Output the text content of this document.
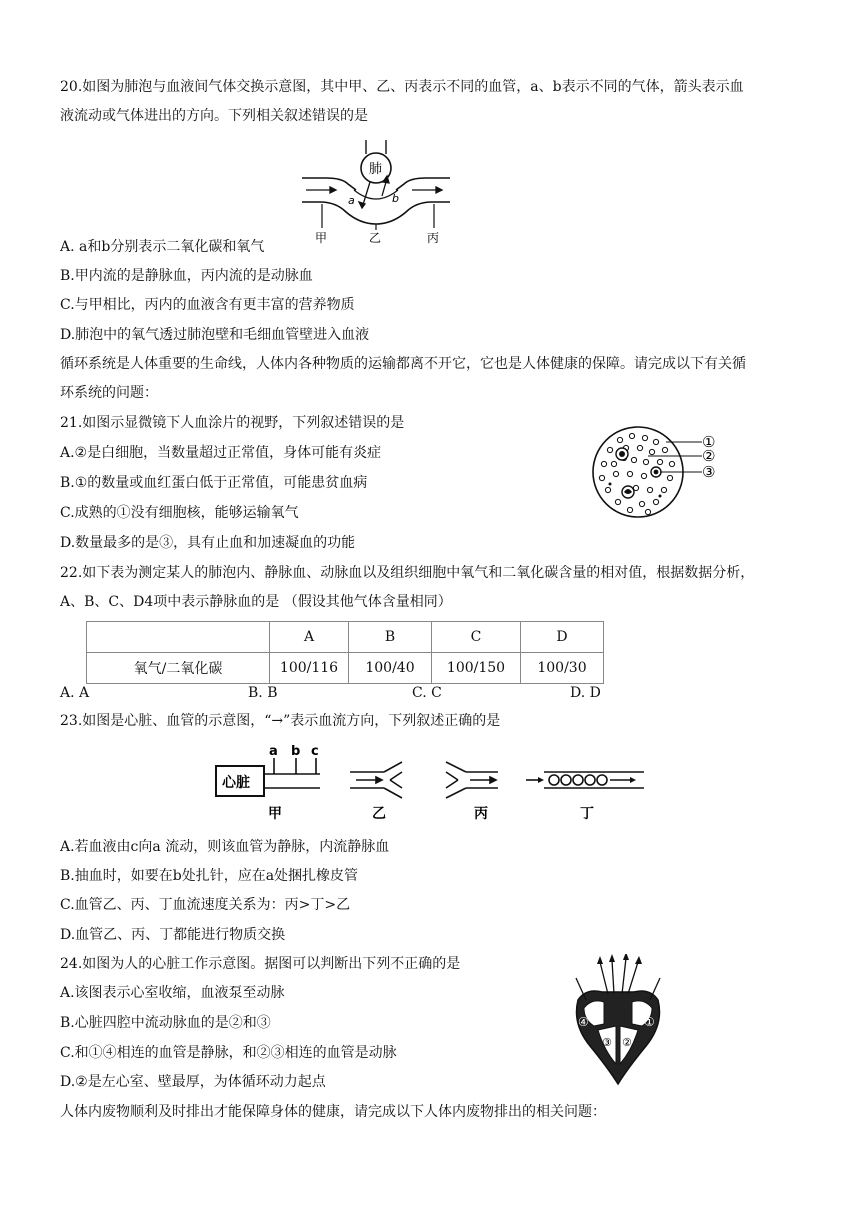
20.如图为肺泡与血液间气体交换示意图，其中甲、乙、丙表示不同的血管，a、b表示不同的气体，箭头表示血
液流动或气体进出的方向。下列相关叙述错误的是
肺
a	b
甲	乙	丙
A. a和b分别表示二氧化碳和氧气
B.甲内流的是静脉血，丙内流的是动脉血
C.与甲相比，丙内的血液含有更丰富的营养物质
D.肺泡中的氧气透过肺泡壁和毛细血管壁进入血液
循环系统是人体重要的生命线，人体内各种物质的运输都离不开它，它也是人体健康的保障。请完成以下有关循
环系统的问题：
21.如图示显微镜下人血涂片的视野，下列叙述错误的是
A.②是白细胞，当数量超过正常值，身体可能有炎症
B.①的数量或血红蛋白低于正常值，可能患贫血病
C.成熟的①没有细胞核，能够运输氧气
D.数量最多的是③，具有止血和加速凝血的功能
①
②
③
22.如下表为测定某人的肺泡内、静脉血、动脉血以及组织细胞中氧气和二氧化碳含量的相对值，根据数据分析，
A、B、C、D4项中表示静脉血的是 （假设其他气体含量相同）
	A	B	C	D
氧气/二氧化碳	100/116	100/40	100/150	100/30
A. A	B. B	C. C	D. D
23.如图是心脏、血管的示意图，“→”表示血流方向，下列叙述正确的是
心脏
a b c
甲	乙	丙	丁
A.若血液由c向a 流动，则该血管为静脉，内流静脉血
B.抽血时，如要在b处扎针，应在a处捆扎橡皮管
C.血管乙、丙、丁血流速度关系为：丙>丁>乙
D.血管乙、丙、丁都能进行物质交换
24.如图为人的心脏工作示意图。据图可以判断出下列不正确的是
A.该图表示心室收缩，血液泵至动脉
B.心脏四腔中流动脉血的是②和③
C.和①④相连的血管是静脉，和②③相连的血管是动脉
D.②是左心室、壁最厚，为体循环动力起点
④	①
③ ②
人体内废物顺利及时排出才能保障身体的健康，请完成以下人体内废物排出的相关问题：
